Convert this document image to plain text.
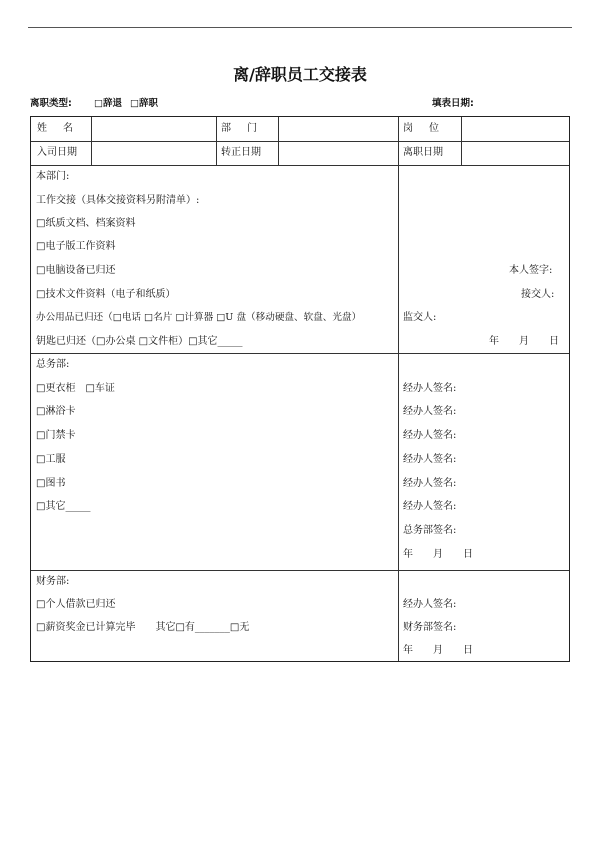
离/辞职员工交接表
离职类型: □辞退 □辞职	填表日期:
姓名	部门	岗位
入司日期	转正日期	离职日期
本部门:
工作交接（具体交接资料另附清单）:
□纸质文档、档案资料
□电子版工作资料
□电脑设备已归还
□技术文件资料（电子和纸质）
办公用品已归还（□电话 □名片 □计算器 □U 盘（移动硬盘、软盘、光盘）
钥匙已归还（□办公桌 □文件柜）□其它_____
本人签字:
接交人:
监交人:
年　　月　　日
总务部:
□更衣柜　□车证
□淋浴卡
□门禁卡
□工服
□图书
□其它_____
经办人签名:
经办人签名:
经办人签名:
经办人签名:
经办人签名:
经办人签名:
总务部签名:
年　　月　　日
财务部:
□个人借款已归还
□薪资奖金已计算完毕　　其它□有_______□无
经办人签名:
财务部签名:
年　　月　　日
